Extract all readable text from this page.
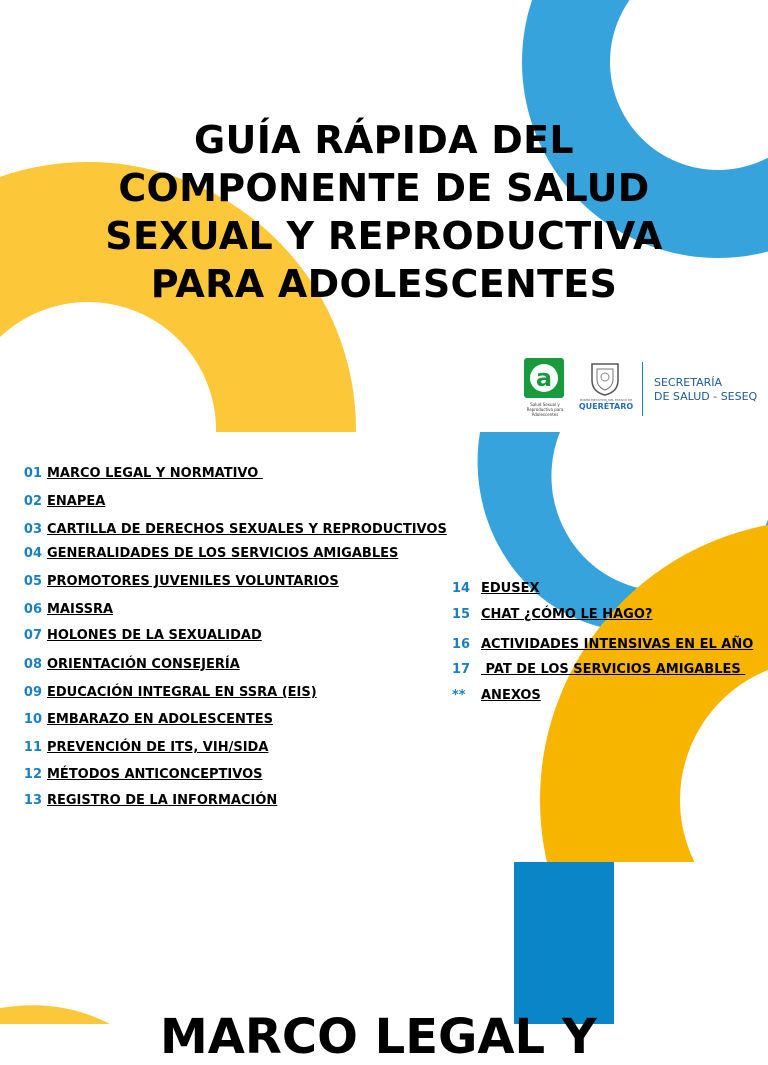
GUÍA RÁPIDA DEL
COMPONENTE DE SALUD
SEXUAL Y REPRODUCTIVA
PARA ADOLESCENTES
a
Salud Sexual y Reproductiva para Adolescentes
PODER EJECUTIVO DEL ESTADO DE
QUERÉTARO
SECRETARÍA
DE SALUD - SESEQ
01 MARCO LEGAL Y NORMATIVO
02 ENAPEA
03 CARTILLA DE DERECHOS SEXUALES Y REPRODUCTIVOS
04 GENERALIDADES DE LOS SERVICIOS AMIGABLES
05 PROMOTORES JUVENILES VOLUNTARIOS
06 MAISSRA
07 HOLONES DE LA SEXUALIDAD
08 ORIENTACIÓN CONSEJERÍA
09 EDUCACIÓN INTEGRAL EN SSRA (EIS)
10 EMBARAZO EN ADOLESCENTES
11 PREVENCIÓN DE ITS, VIH/SIDA
12 MÉTODOS ANTICONCEPTIVOS
13 REGISTRO DE LA INFORMACIÓN
14 EDUSEX
15 CHAT ¿CÓMO LE HAGO?
16 ACTIVIDADES INTENSIVAS EN EL AÑO
17 PAT DE LOS SERVICIOS AMIGABLES
**	ANEXOS
MARCO LEGAL Y
